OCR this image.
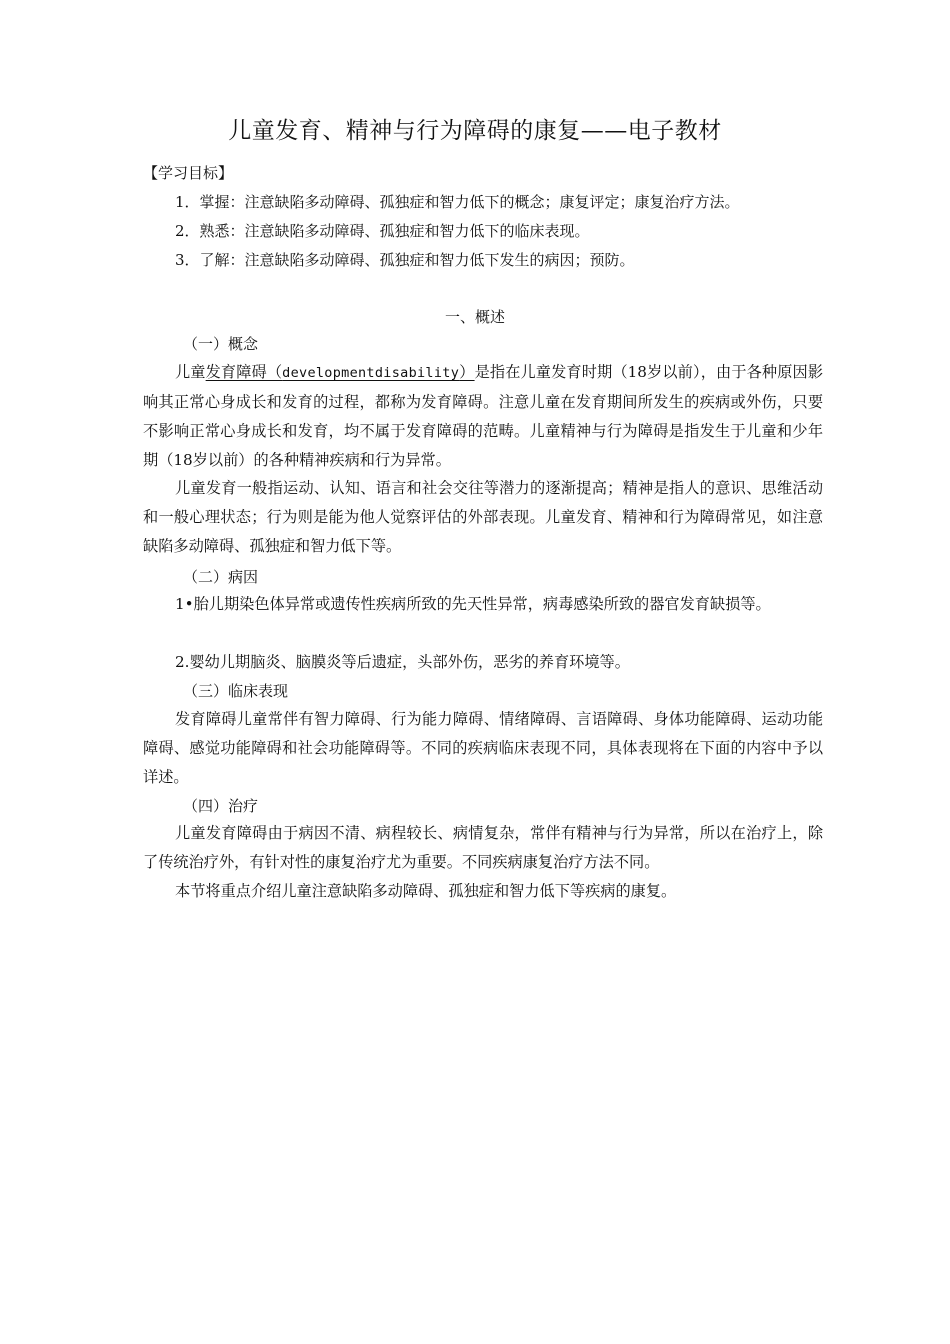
儿童发育、精神与行为障碍的康复——电子教材
【学习目标】
1．掌握：注意缺陷多动障碍、孤独症和智力低下的概念；康复评定；康复治疗方法。
2．熟悉：注意缺陷多动障碍、孤独症和智力低下的临床表现。
3．了解：注意缺陷多动障碍、孤独症和智力低下发生的病因；预防。
一、概述
（一）概念

儿童发育障碍（developmentdisability）是指在儿童发育时期（18岁以前），由于各种原因影响其正常心身成长和发育的过程，都称为发育障碍。注意儿童在发育期间所发生的疾病或外伤，只要不影响正常心身成长和发育，均不属于发育障碍的范畴。儿童精神与行为障碍是指发生于儿童和少年期（18岁以前）的各种精神疾病和行为异常。

儿童发育一般指运动、认知、语言和社会交往等潜力的逐渐提高；精神是指人的意识、思维活动和一般心理状态；行为则是能为他人觉察评估的外部表现。儿童发育、精神和行为障碍常见，如注意缺陷多动障碍、孤独症和智力低下等。

（二）病因

1•胎儿期染色体异常或遗传性疾病所致的先天性异常，病毒感染所致的器官发育缺损等。

2.婴幼儿期脑炎、脑膜炎等后遗症，头部外伤，恶劣的养育环境等。

（三）临床表现

发育障碍儿童常伴有智力障碍、行为能力障碍、情绪障碍、言语障碍、身体功能障碍、运动功能障碍、感觉功能障碍和社会功能障碍等。不同的疾病临床表现不同，具体表现将在下面的内容中予以详述。

（四）治疗

儿童发育障碍由于病因不清、病程较长、病情复杂，常伴有精神与行为异常，所以在治疗上，除了传统治疗外，有针对性的康复治疗尤为重要。不同疾病康复治疗方法不同。

本节将重点介绍儿童注意缺陷多动障碍、孤独症和智力低下等疾病的康复。
